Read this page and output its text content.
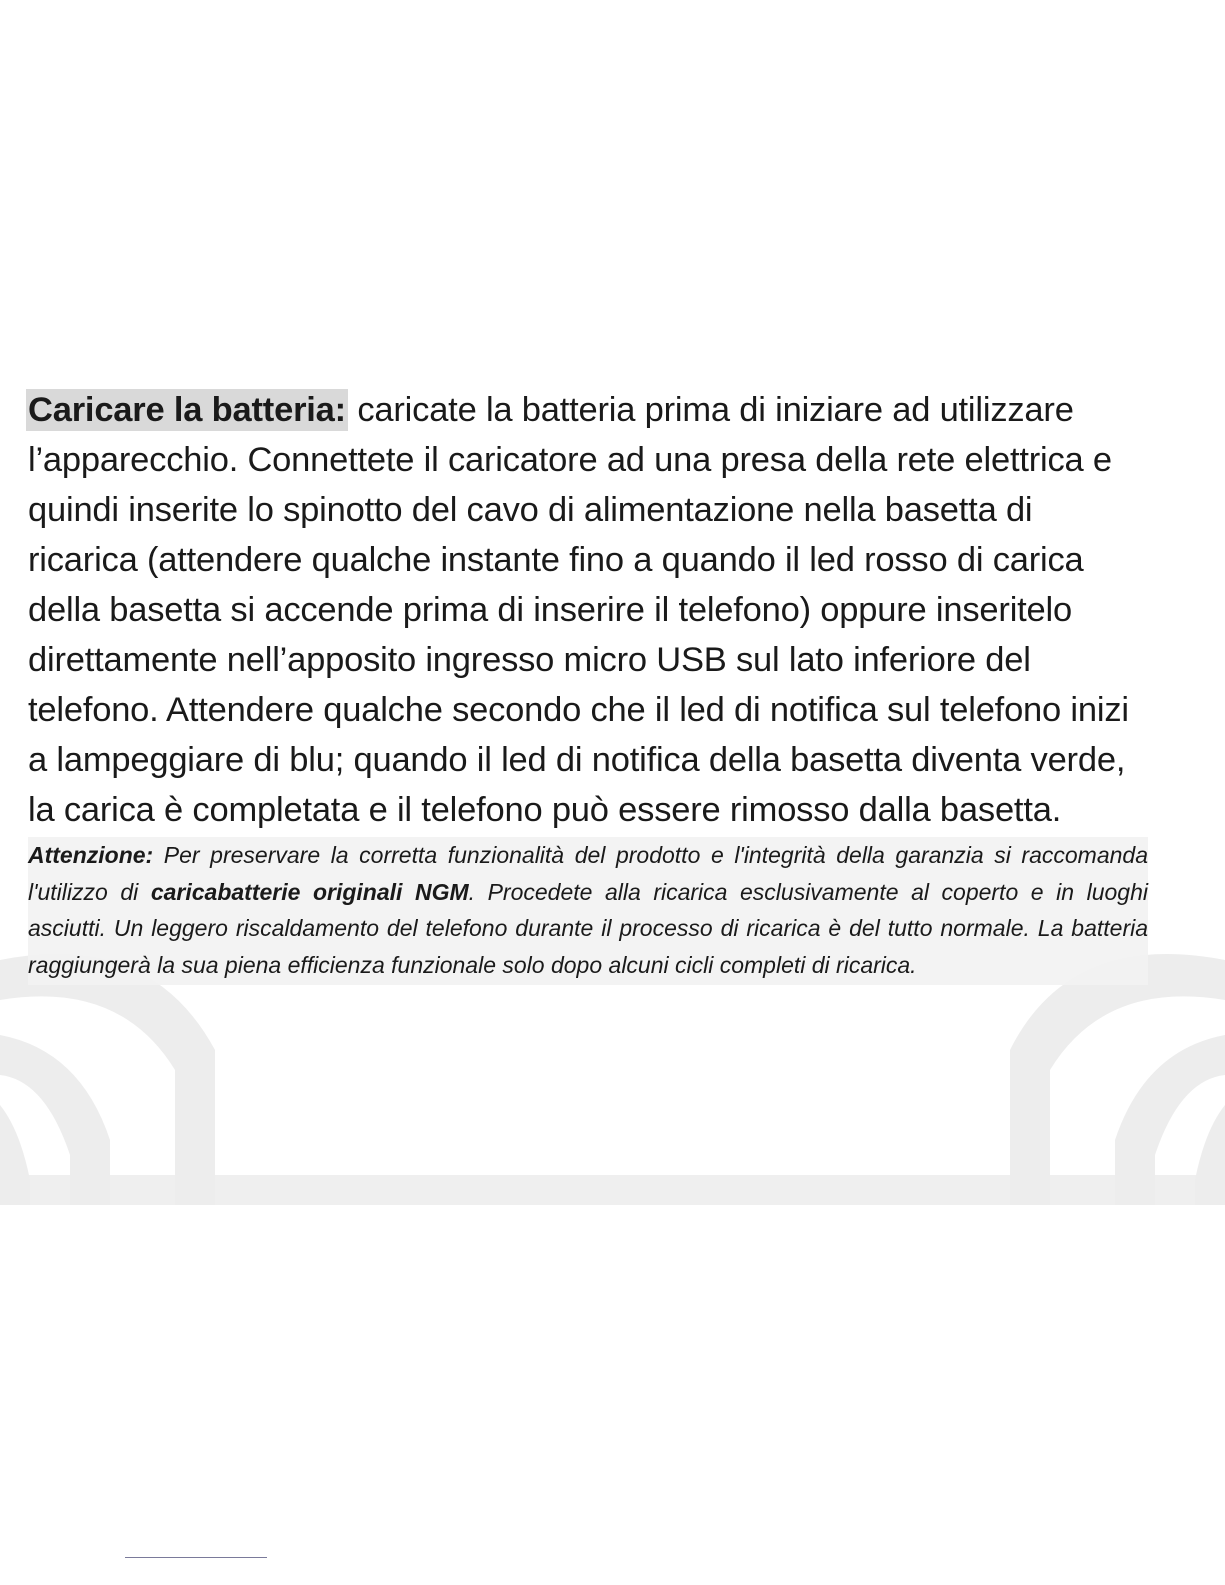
Caricare la batteria: caricate la batteria prima di iniziare ad utilizzare l’apparecchio. Connettete il caricatore ad una presa della rete elettrica e quindi inserite lo spinotto del cavo di alimentazione nella basetta di ricarica (attendere qualche instante fino a quando il led rosso di carica della basetta si accende prima di inserire il telefono) oppure inseritelo direttamente nell’apposito ingresso micro USB sul lato inferiore del telefono. Attendere qualche secondo che il led di notifica sul telefono inizi a lampeggiare di blu; quando il led di notifica della basetta diventa verde, la carica è completata e il telefono può essere rimosso dalla basetta.

Attenzione: Per preservare la corretta funzionalità del prodotto e l'integrità della garanzia si raccomanda l'utilizzo di caricabatterie originali NGM. Procedete alla ricarica esclusivamente al coperto e in luoghi asciutti. Un leggero riscaldamento del telefono durante il processo di ricarica è del tutto normale. La batteria raggiungerà la sua piena efficienza funzionale solo dopo alcuni cicli completi di ricarica.
